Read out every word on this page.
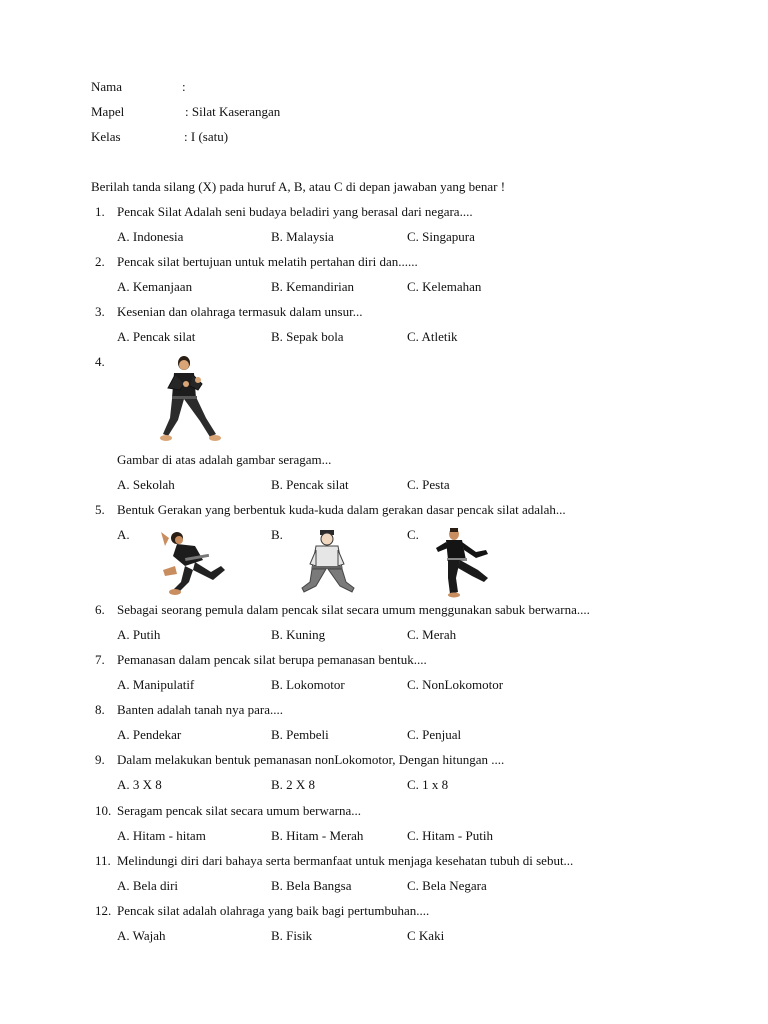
Nama	:
Mapel	: Silat Kaserangan
Kelas	: I (satu)
Berilah tanda silang (X) pada huruf A, B, atau C di depan jawaban yang benar !
1. Pencak Silat Adalah seni budaya beladiri yang berasal dari negara....
A. Indonesia	B. Malaysia	C. Singapura
2. Pencak silat bertujuan untuk melatih pertahan diri dan......
A. Kemanjaan	B. Kemandirian	C. Kelemahan
3. Kesenian dan olahraga termasuk dalam unsur...
A. Pencak silat	B. Sepak bola	C. Atletik
4.
Gambar di atas adalah gambar seragam...
A. Sekolah	B. Pencak silat	C. Pesta
5. Bentuk Gerakan yang berbentuk kuda-kuda dalam gerakan dasar pencak silat adalah...
A.	B.	C.
6. Sebagai seorang pemula dalam pencak silat secara umum menggunakan sabuk berwarna....
A. Putih	B. Kuning	C. Merah
7. Pemanasan dalam pencak silat berupa pemanasan bentuk....
A. Manipulatif	B. Lokomotor	C. NonLokomotor
8. Banten adalah tanah nya para....
A. Pendekar	B. Pembeli	C. Penjual
9. Dalam melakukan bentuk pemanasan nonLokomotor, Dengan hitungan ....
A. 3 X 8	B. 2 X 8	C. 1 x 8
10. Seragam pencak silat secara umum berwarna...
A. Hitam - hitam	B. Hitam - Merah	C. Hitam - Putih
11. Melindungi diri dari bahaya serta bermanfaat untuk menjaga kesehatan tubuh di sebut...
A. Bela diri	B. Bela Bangsa	C. Bela Negara
12. Pencak silat adalah olahraga yang baik bagi pertumbuhan....
A. Wajah	B. Fisik	C Kaki
